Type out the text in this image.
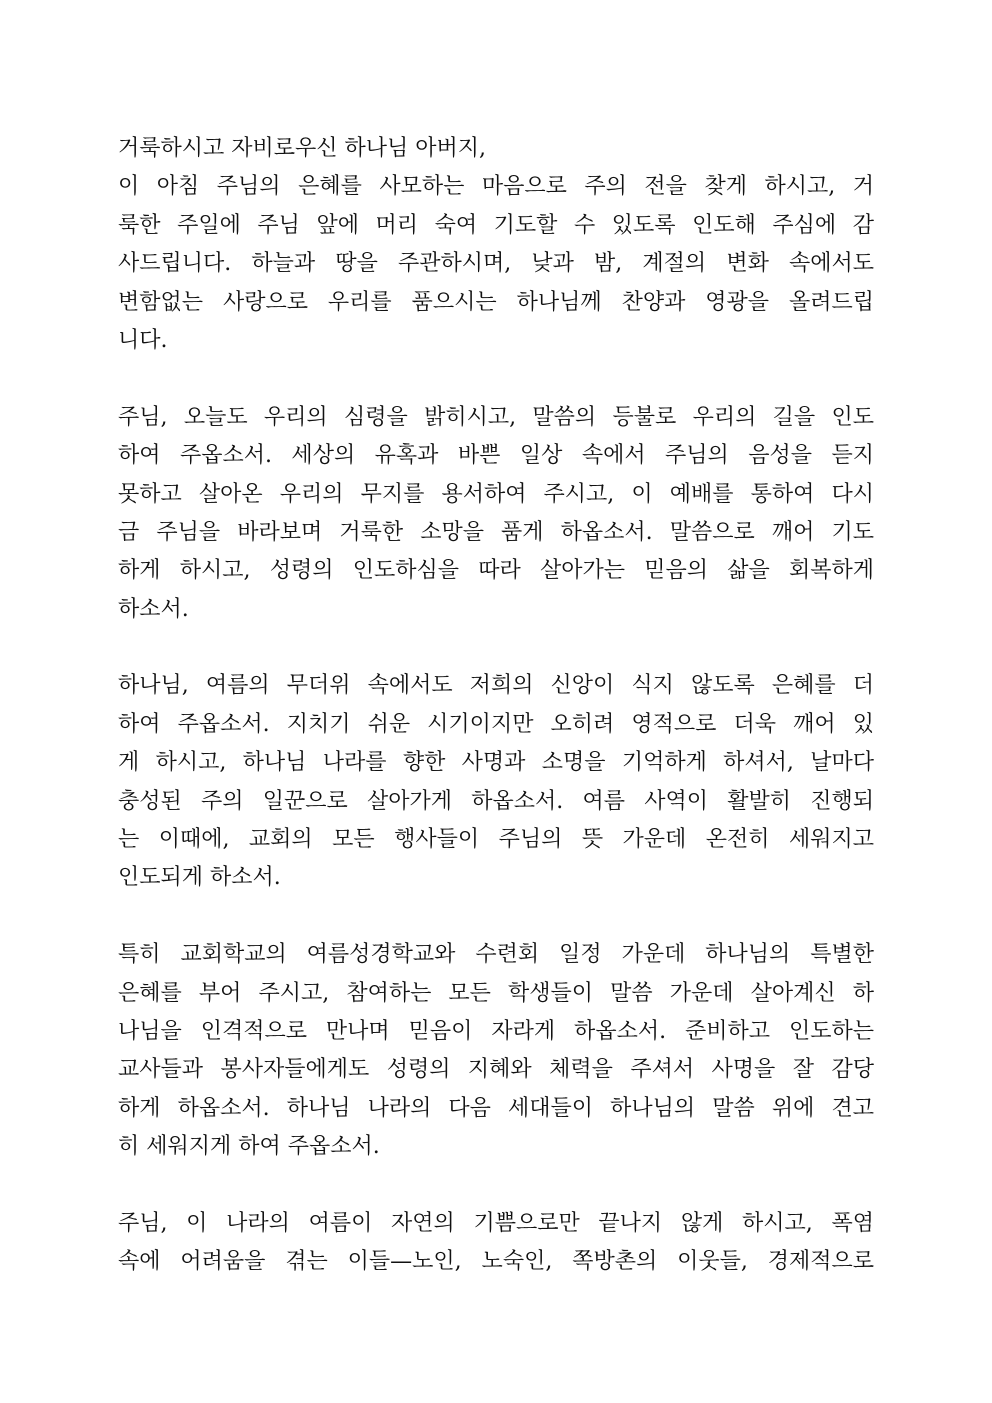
거룩하시고 자비로우신 하나님 아버지,
이 아침 주님의 은혜를 사모하는 마음으로 주의 전을 찾게 하시고, 거
룩한 주일에 주님 앞에 머리 숙여 기도할 수 있도록 인도해 주심에 감
사드립니다. 하늘과 땅을 주관하시며, 낮과 밤, 계절의 변화 속에서도
변함없는 사랑으로 우리를 품으시는 하나님께 찬양과 영광을 올려드립
니다.
주님, 오늘도 우리의 심령을 밝히시고, 말씀의 등불로 우리의 길을 인도
하여 주옵소서. 세상의 유혹과 바쁜 일상 속에서 주님의 음성을 듣지
못하고 살아온 우리의 무지를 용서하여 주시고, 이 예배를 통하여 다시
금 주님을 바라보며 거룩한 소망을 품게 하옵소서. 말씀으로 깨어 기도
하게 하시고, 성령의 인도하심을 따라 살아가는 믿음의 삶을 회복하게
하소서.
하나님, 여름의 무더위 속에서도 저희의 신앙이 식지 않도록 은혜를 더
하여 주옵소서. 지치기 쉬운 시기이지만 오히려 영적으로 더욱 깨어 있
게 하시고, 하나님 나라를 향한 사명과 소명을 기억하게 하셔서, 날마다
충성된 주의 일꾼으로 살아가게 하옵소서. 여름 사역이 활발히 진행되
는 이때에, 교회의 모든 행사들이 주님의 뜻 가운데 온전히 세워지고
인도되게 하소서.
특히 교회학교의 여름성경학교와 수련회 일정 가운데 하나님의 특별한
은혜를 부어 주시고, 참여하는 모든 학생들이 말씀 가운데 살아계신 하
나님을 인격적으로 만나며 믿음이 자라게 하옵소서. 준비하고 인도하는
교사들과 봉사자들에게도 성령의 지혜와 체력을 주셔서 사명을 잘 감당
하게 하옵소서. 하나님 나라의 다음 세대들이 하나님의 말씀 위에 견고
히 세워지게 하여 주옵소서.
주님, 이 나라의 여름이 자연의 기쁨으로만 끝나지 않게 하시고, 폭염
속에 어려움을 겪는 이들—노인, 노숙인, 쪽방촌의 이웃들, 경제적으로
